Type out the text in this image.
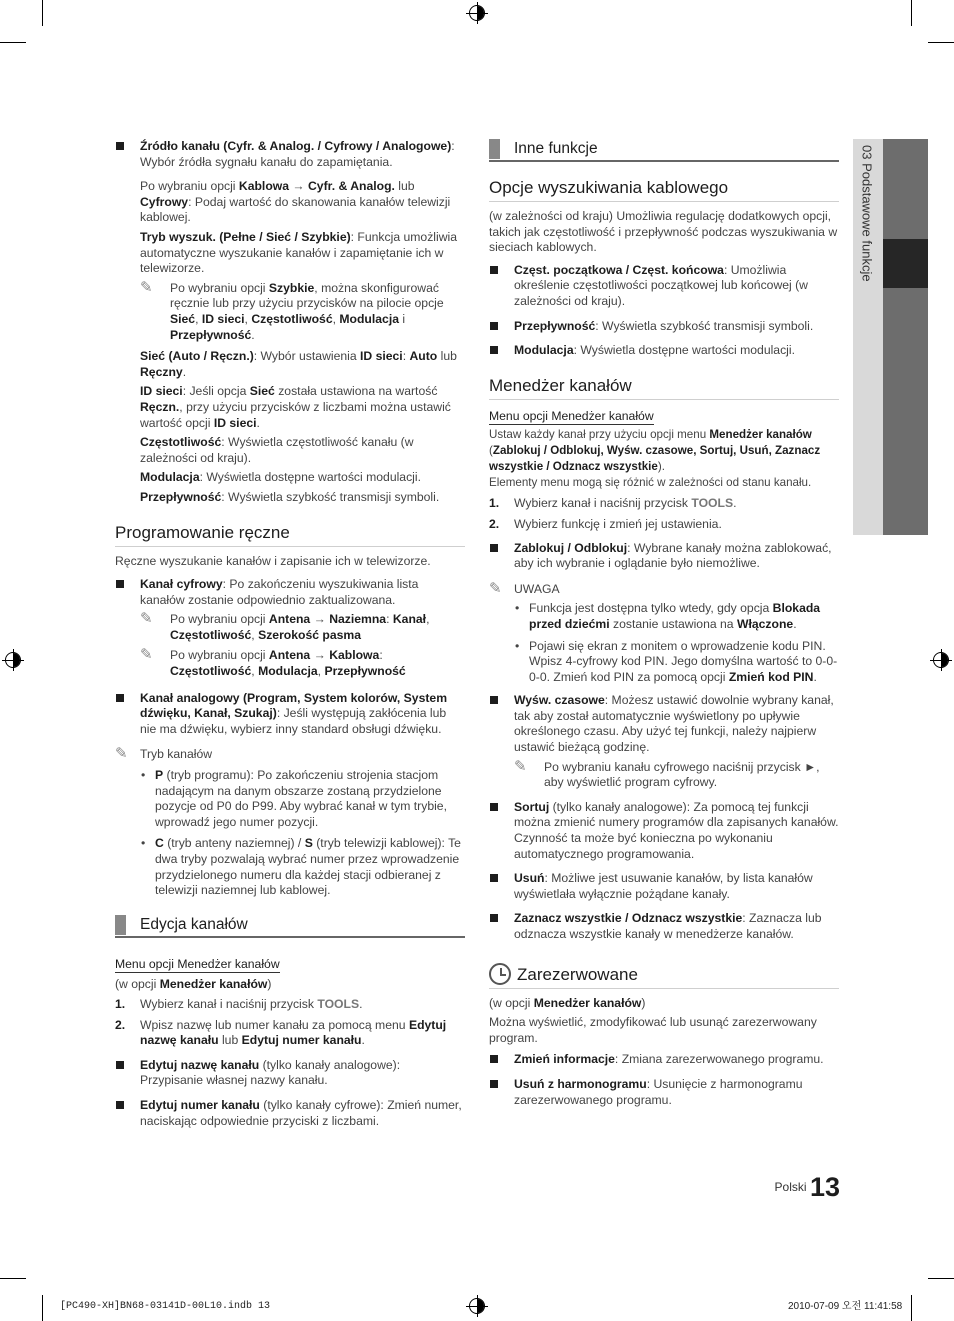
03 Podstawowe funkcje
Źródło kanału (Cyfr. & Analog. / Cyfrowy / Analogowe): Wybór źródła sygnału kanału do zapamiętania.
Po wybraniu opcji Kablowa → Cyfr. & Analog. lub Cyfrowy: Podaj wartość do skanowania kanałów telewizji kablowej.
Tryb wyszuk. (Pełne / Sieć / Szybkie): Funkcja umożliwia automatyczne wyszukanie kanałów i zapamiętanie ich w telewizorze.
✎ Po wybraniu opcji Szybkie, można skonfigurować ręcznie lub przy użyciu przycisków na pilocie opcje Sieć, ID sieci, Częstotliwość, Modulacja i Przepływność.
Sieć (Auto / Ręczn.): Wybór ustawienia ID sieci: Auto lub Ręczny.
ID sieci: Jeśli opcja Sieć została ustawiona na wartość Ręczn., przy użyciu przycisków z liczbami można ustawić wartość opcji ID sieci.
Częstotliwość: Wyświetla częstotliwość kanału (w zależności od kraju).
Modulacja: Wyświetla dostępne wartości modulacji.
Przepływność: Wyświetla szybkość transmisji symboli.
Programowanie ręczne
Ręczne wyszukanie kanałów i zapisanie ich w telewizorze.
Kanał cyfrowy: Po zakończeniu wyszukiwania lista kanałów zostanie odpowiednio zaktualizowana.
✎ Po wybraniu opcji Antena → Naziemna: Kanał, Częstotliwość, Szerokość pasma
✎ Po wybraniu opcji Antena → Kablowa: Częstotliwość, Modulacja, Przepływność
Kanał analogowy (Program, System kolorów, System dźwięku, Kanał, Szukaj): Jeśli występują zakłócenia lub nie ma dźwięku, wybierz inny standard obsługi dźwięku.
✎ Tryb kanałów
• P (tryb programu): Po zakończeniu strojenia stacjom nadającym na danym obszarze zostaną przydzielone pozycje od P0 do P99. Aby wybrać kanał w tym trybie, wprowadź jego numer pozycji.
• C (tryb anteny naziemnej) / S (tryb telewizji kablowej): Te dwa tryby pozwalają wybrać numer przez wprowadzenie przydzielonego numeru dla każdej stacji odbieranej z telewizji naziemnej lub kablowej.
Edycja kanałów
Menu opcji Menedżer kanałów
(w opcji Menedżer kanałów)
1. Wybierz kanał i naciśnij przycisk TOOLS.
2. Wpisz nazwę lub numer kanału za pomocą menu Edytuj nazwę kanału lub Edytuj numer kanału.
Edytuj nazwę kanału (tylko kanały analogowe): Przypisanie własnej nazwy kanału.
Edytuj numer kanału (tylko kanały cyfrowe): Zmień numer, naciskając odpowiednie przyciski z liczbami.
Inne funkcje
Opcje wyszukiwania kablowego
(w zależności od kraju) Umożliwia regulację dodatkowych opcji, takich jak częstotliwość i przepływność podczas wyszukiwania w sieciach kablowych.
Częst. początkowa / Częst. końcowa: Umożliwia określenie częstotliwości początkowej lub końcowej (w zależności od kraju).
Przepływność: Wyświetla szybkość transmisji symboli.
Modulacja: Wyświetla dostępne wartości modulacji.
Menedżer kanałów
Menu opcji Menedżer kanałów
Ustaw każdy kanał przy użyciu opcji menu Menedżer kanałów (Zablokuj / Odblokuj, Wyśw. czasowe, Sortuj, Usuń, Zaznacz wszystkie / Odznacz wszystkie).
Elementy menu mogą się różnić w zależności od stanu kanału.
1. Wybierz kanał i naciśnij przycisk TOOLS.
2. Wybierz funkcję i zmień jej ustawienia.
Zablokuj / Odblokuj: Wybrane kanały można zablokować, aby ich wybranie i oglądanie było niemożliwe.
✎ UWAGA
• Funkcja jest dostępna tylko wtedy, gdy opcja Blokada przed dziećmi zostanie ustawiona na Włączone.
• Pojawi się ekran z monitem o wprowadzenie kodu PIN. Wpisz 4-cyfrowy kod PIN. Jego domyślna wartość to 0-0-0-0. Zmień kod PIN za pomocą opcji Zmień kod PIN.
Wyśw. czasowe: Możesz ustawić dowolnie wybrany kanał, tak aby został automatycznie wyświetlony po upływie określonego czasu. Aby użyć tej funkcji, należy najpierw ustawić bieżącą godzinę.
✎ Po wybraniu kanału cyfrowego naciśnij przycisk ►, aby wyświetlić program cyfrowy.
Sortuj (tylko kanały analogowe): Za pomocą tej funkcji można zmienić numery programów dla zapisanych kanałów. Czynność ta może być konieczna po wykonaniu automatycznego programowania.
Usuń: Możliwe jest usuwanie kanałów, by lista kanałów wyświetlała wyłącznie pożądane kanały.
Zaznacz wszystkie / Odznacz wszystkie: Zaznacza lub odznacza wszystkie kanały w menedżerze kanałów.
Zarezerwowane
(w opcji Menedżer kanałów)
Można wyświetlić, zmodyfikować lub usunąć zarezerwowany program.
Zmień informacje: Zmiana zarezerwowanego programu.
Usuń z harmonogramu: Usunięcie z harmonogramu zarezerwowanego programu.
Polski 13
[PC490-XH]BN68-03141D-00L10.indb 13	2010-07-09 오전 11:41:58
